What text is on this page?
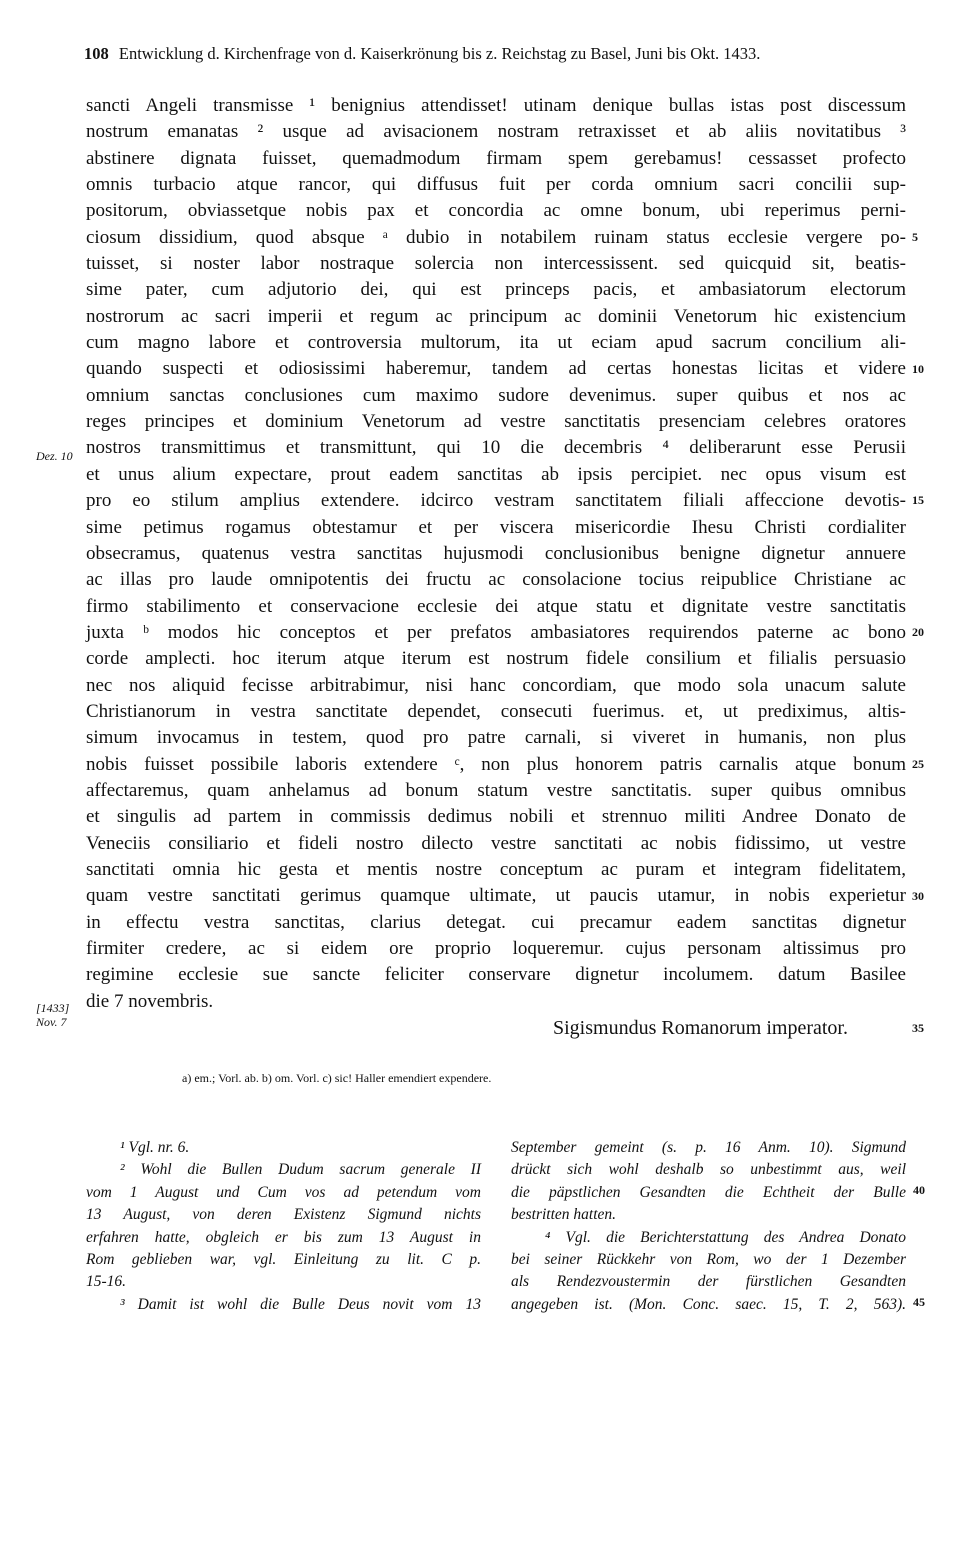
108 Entwicklung d. Kirchenfrage von d. Kaiserkrönung bis z. Reichstag zu Basel, Juni bis Okt. 1433.
sancti Angeli transmisse ¹ benignius attendisset! utinam denique bullas istas post discessum
nostrum emanatas ² usque ad avisacionem nostram retraxisset et ab aliis novitatibus ³
abstinere dignata fuisset, quemadmodum firmam spem gerebamus! cessasset profecto
omnis turbacio atque rancor, qui diffusus fuit per corda omnium sacri concilii sup-
positorum, obviassetque nobis pax et concordia ac omne bonum, ubi reperimus perni-
ciosum dissidium, quod absque ᵃ dubio in notabilem ruinam status ecclesie vergere po-
tuisset, si noster labor nostraque solercia non intercessissent. sed quicquid sit, beatis-
sime pater, cum adjutorio dei, qui est princeps pacis, et ambasiatorum electorum
nostrorum ac sacri imperii et regum ac principum ac dominii Venetorum hic existencium
cum magno labore et controversia multorum, ita ut eciam apud sacrum concilium ali-
quando suspecti et odiosissimi haberemur, tandem ad certas honestas licitas et videre
omnium sanctas conclusiones cum maximo sudore devenimus. super quibus et nos ac
reges principes et dominium Venetorum ad vestre sanctitatis presenciam celebres oratores
nostros transmittimus et transmittunt, qui 10 die decembris ⁴ deliberarunt esse Perusii
et unus alium expectare, prout eadem sanctitas ab ipsis percipiet. nec opus visum est
pro eo stilum amplius extendere. idcirco vestram sanctitatem filiali affeccione devotis-
sime petimus rogamus obtestamur et per viscera misericordie Ihesu Christi cordialiter
obsecramus, quatenus vestra sanctitas hujusmodi conclusionibus benigne dignetur annuere
ac illas pro laude omnipotentis dei fructu ac consolacione tocius reipublice Christiane ac
firmo stabilimento et conservacione ecclesie dei atque statu et dignitate vestre sanctitatis
juxta ᵇ modos hic conceptos et per prefatos ambasiatores requirendos paterne ac bono
corde amplecti. hoc iterum atque iterum est nostrum fidele consilium et filialis persuasio
nec nos aliquid fecisse arbitrabimur, nisi hanc concordiam, que modo sola unacum salute
Christianorum in vestra sanctitate dependet, consecuti fuerimus. et, ut prediximus, altis-
simum invocamus in testem, quod pro patre carnali, si viveret in humanis, non plus
nobis fuisset possibile laboris extendere ᶜ, non plus honorem patris carnalis atque bonum
affectaremus, quam anhelamus ad bonum statum vestre sanctitatis. super quibus omnibus
et singulis ad partem in commissis dedimus nobili et strennuo militi Andree Donato de
Veneciis consiliario et fideli nostro dilecto vestre sanctitati ac nobis fidissimo, ut vestre
sanctitati omnia hic gesta et mentis nostre conceptum ac puram et integram fidelitatem,
quam vestre sanctitati gerimus quamque ultimate, ut paucis utamur, in nobis experietur
in effectu vestra sanctitas, clarius detegat. cui precamur eadem sanctitas dignetur
firmiter credere, ac si eidem ore proprio loqueremur. cujus personam altissimus pro
regimine ecclesie sue sancte feliciter conservare dignetur incolumem. datum Basilee
die 7 novembris.
5
10
15
20
25
30
35
Dez. 10
[1433]
Nov. 7	Sigismundus Romanorum imperator.
a) em.; Vorl. ab. b) om. Vorl. c) sic! Haller emendiert expendere.

¹ Vgl. nr. 6.

² Wohl die Bullen Dudum sacrum generale II

vom 1 August und Cum vos ad petendum vom

13 August, von deren Existenz Sigmund nichts

erfahren hatte, obgleich er bis zum 13 August in

Rom geblieben war, vgl. Einleitung zu lit. C p.

15-16.

³ Damit ist wohl die Bulle Deus novit vom 13

September gemeint (s. p. 16 Anm. 10). Sigmund

drückt sich wohl deshalb so unbestimmt aus, weil

die päpstlichen Gesandten die Echtheit der Bulle

bestritten hatten.

⁴ Vgl. die Berichterstattung des Andrea Donato

bei seiner Rückkehr von Rom, wo der 1 Dezember

als Rendezvoustermin der fürstlichen Gesandten

angegeben ist. (Mon. Conc. saec. 15, T. 2, 563).

40
45
